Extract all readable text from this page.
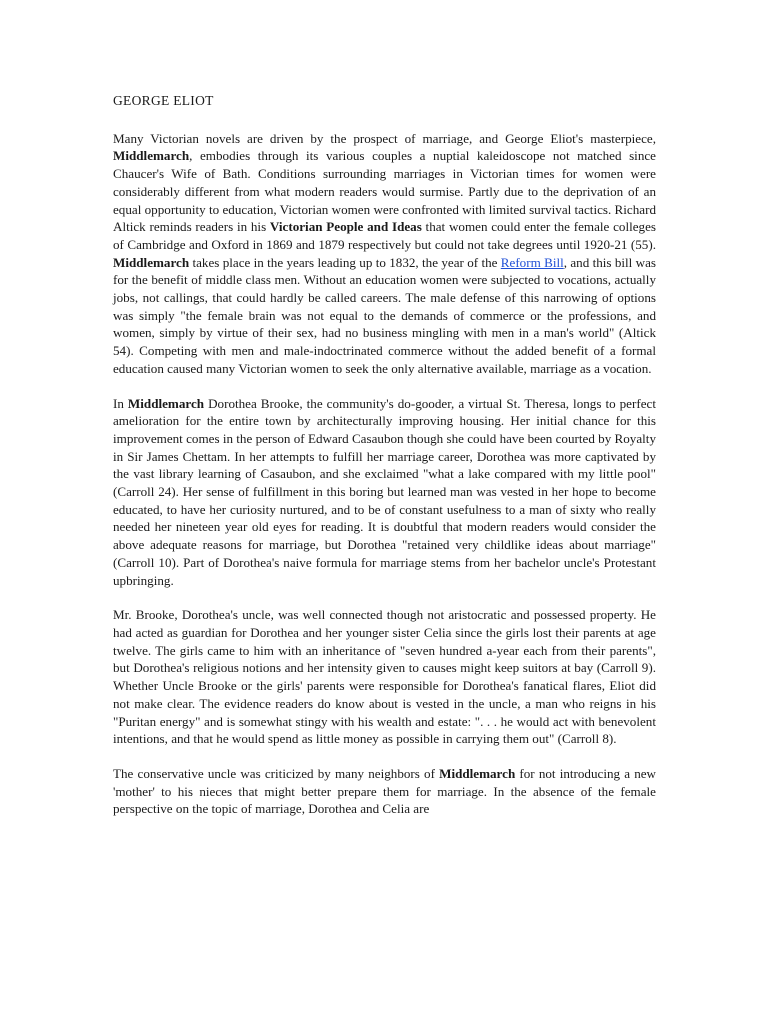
GEORGE ELIOT

Many Victorian novels are driven by the prospect of marriage, and George Eliot's masterpiece, Middlemarch, embodies through its various couples a nuptial kaleidoscope not matched since Chaucer's Wife of Bath. Conditions surrounding marriages in Victorian times for women were considerably different from what modern readers would surmise. Partly due to the deprivation of an equal opportunity to education, Victorian women were confronted with limited survival tactics. Richard Altick reminds readers in his Victorian People and Ideas that women could enter the female colleges of Cambridge and Oxford in 1869 and 1879 respectively but could not take degrees until 1920-21 (55). Middlemarch takes place in the years leading up to 1832, the year of the Reform Bill, and this bill was for the benefit of middle class men. Without an education women were subjected to vocations, actually jobs, not callings, that could hardly be called careers. The male defense of this narrowing of options was simply "the female brain was not equal to the demands of commerce or the professions, and women, simply by virtue of their sex, had no business mingling with men in a man's world" (Altick 54). Competing with men and male-indoctrinated commerce without the added benefit of a formal education caused many Victorian women to seek the only alternative available, marriage as a vocation.

In Middlemarch Dorothea Brooke, the community's do-gooder, a virtual St. Theresa, longs to perfect amelioration for the entire town by architecturally improving housing. Her initial chance for this improvement comes in the person of Edward Casaubon though she could have been courted by Royalty in Sir James Chettam. In her attempts to fulfill her marriage career, Dorothea was more captivated by the vast library learning of Casaubon, and she exclaimed "what a lake compared with my little pool" (Carroll 24). Her sense of fulfillment in this boring but learned man was vested in her hope to become educated, to have her curiosity nurtured, and to be of constant usefulness to a man of sixty who really needed her nineteen year old eyes for reading. It is doubtful that modern readers would consider the above adequate reasons for marriage, but Dorothea "retained very childlike ideas about marriage" (Carroll 10). Part of Dorothea's naive formula for marriage stems from her bachelor uncle's Protestant upbringing.

Mr. Brooke, Dorothea's uncle, was well connected though not aristocratic and possessed property. He had acted as guardian for Dorothea and her younger sister Celia since the girls lost their parents at age twelve. The girls came to him with an inheritance of "seven hundred a-year each from their parents", but Dorothea's religious notions and her intensity given to causes might keep suitors at bay (Carroll 9). Whether Uncle Brooke or the girls' parents were responsible for Dorothea's fanatical flares, Eliot did not make clear. The evidence readers do know about is vested in the uncle, a man who reigns in his "Puritan energy" and is somewhat stingy with his wealth and estate: ". . . he would act with benevolent intentions, and that he would spend as little money as possible in carrying them out" (Carroll 8).

The conservative uncle was criticized by many neighbors of Middlemarch for not introducing a new 'mother' to his nieces that might better prepare them for marriage. In the absence of the female perspective on the topic of marriage, Dorothea and Celia are
